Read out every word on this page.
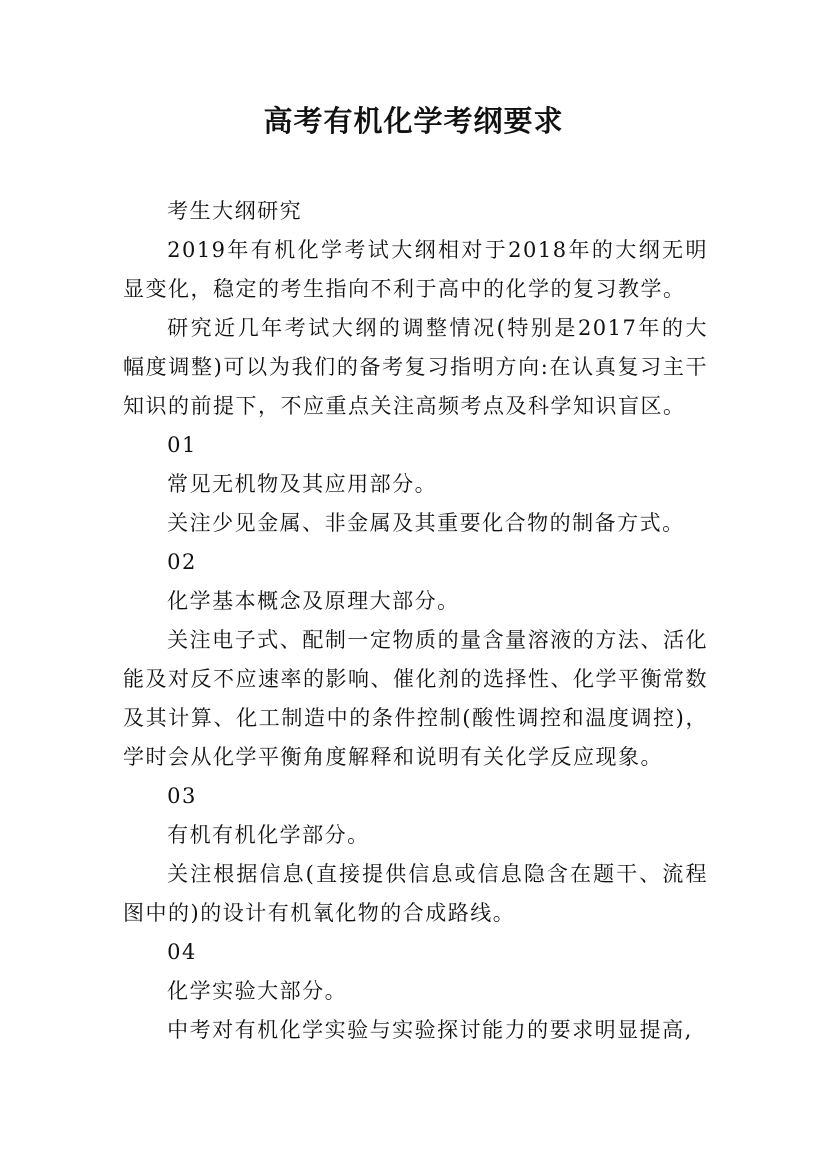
高考有机化学考纲要求

考生大纲研究

2019年有机化学考试大纲相对于2018年的大纲无明显变化，稳定的考生指向不利于高中的化学的复习教学。

研究近几年考试大纲的调整情况(特别是2017年的大幅度调整)可以为我们的备考复习指明方向:在认真复习主干知识的前提下，不应重点关注高频考点及科学知识盲区。

01

常见无机物及其应用部分。

关注少见金属、非金属及其重要化合物的制备方式。

02

化学基本概念及原理大部分。

关注电子式、配制一定物质的量含量溶液的方法、活化能及对反不应速率的影响、催化剂的选择性、化学平衡常数及其计算、化工制造中的条件控制(酸性调控和温度调控)，学时会从化学平衡角度解释和说明有关化学反应现象。

03

有机有机化学部分。

关注根据信息(直接提供信息或信息隐含在题干、流程图中的)的设计有机氧化物的合成路线。

04

化学实验大部分。

中考对有机化学实验与实验探讨能力的要求明显提高,
